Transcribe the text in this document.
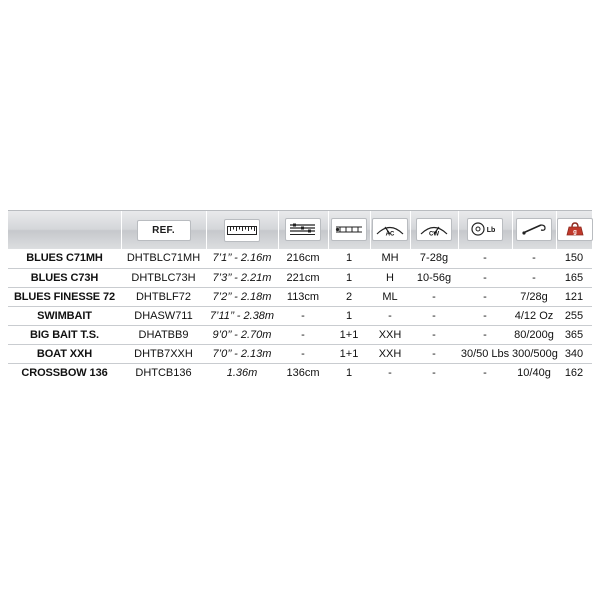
	REF.				AC	CW	Lb		g

BLUES C71MH	DHTBLC71MH	7’1’’ - 2.16m	216cm	1	MH	7-28g	-	-	150
BLUES C73H	DHTBLC73H	7’3’’ - 2.21m	221cm	1	H	10-56g	-	-	165
BLUES FINESSE 72	DHTBLF72	7’2’’ - 2.18m	113cm	2	ML	-	-	7/28g	121
SWIMBAIT	DHASW711	7’11’’ - 2.38m	-	1	-	-	-	4/12 Oz	255
BIG BAIT T.S.	DHATBB9	9’0’’ - 2.70m	-	1+1	XXH	-	-	80/200g	365
BOAT XXH	DHTB7XXH	7’0’’ - 2.13m	-	1+1	XXH	-	30/50 Lbs	300/500g	340
CROSSBOW 136	DHTCB136	1.36m	136cm	1	-	-	-	10/40g	162
